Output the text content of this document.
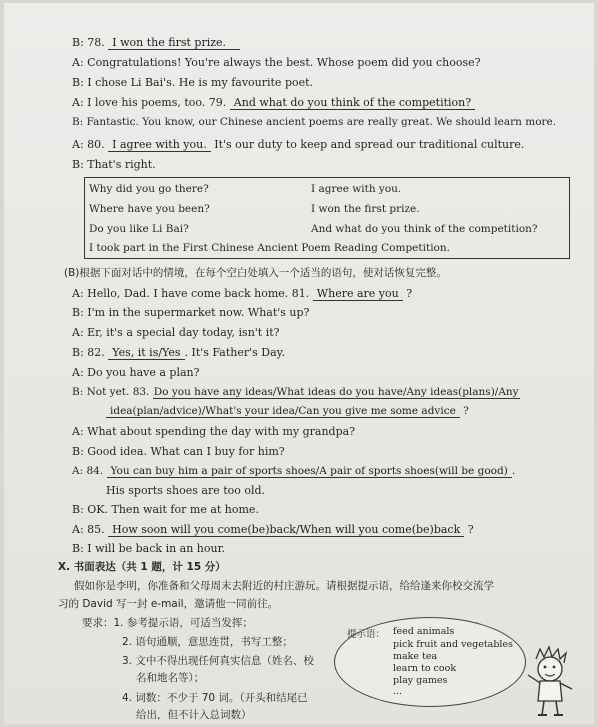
B: 78. I won the first prize.
A: Congratulations! You're always the best. Whose poem did you choose?
B: I chose Li Bai's. He is my favourite poet.
A: I love his poems, too. 79. And what do you think of the competition?
B: Fantastic. You know, our Chinese ancient poems are really great. We should learn more.
A: 80. I agree with you. It's our duty to keep and spread our traditional culture.
B: That's right.
Why did you go there?	I agree with you.
Where have you been?	I won the first prize.
Do you like Li Bai?	And what do you think of the competition?
I took part in the First Chinese Ancient Poem Reading Competition.
(B)根据下面对话中的情境，在每个空白处填入一个适当的语句，使对话恢复完整。
A: Hello, Dad. I have come back home. 81. Where are you ?
B: I'm in the supermarket now. What's up?
A: Er, it's a special day today, isn't it?
B: 82. Yes, it is/Yes . It's Father's Day.
A: Do you have a plan?
B: Not yet. 83. Do you have any ideas/What ideas do you have/Any ideas(plans)/Any
idea(plan/advice)/What's your idea/Can you give me some advice ?
A: What about spending the day with my grandpa?
B: Good idea. What can I buy for him?
A: 84. You can buy him a pair of sports shoes/A pair of sports shoes(will be good) .
His sports shoes are too old.
B: OK. Then wait for me at home.
A: 85. How soon will you come(be)back/When will you come(be)back ?
B: I will be back in an hour.
X. 书面表达（共 1 题，计 15 分）
假如你是李明，你准备和父母周末去附近的村庄游玩。请根据提示语，给给逢来你校交流学
习的 David 写一封 e-mail，邀请他一同前往。
要求：1. 参考提示语，可适当发挥；
2. 语句通顺，意思连贯，书写工整；
3. 文中不得出现任何真实信息（姓名、校
名和地名等）；
4. 词数：不少于 70 词。（开头和结尾已
给出，但不计入总词数）
提示语： feed animals
pick fruit and vegetables
make tea
learn to cook
play games
...
